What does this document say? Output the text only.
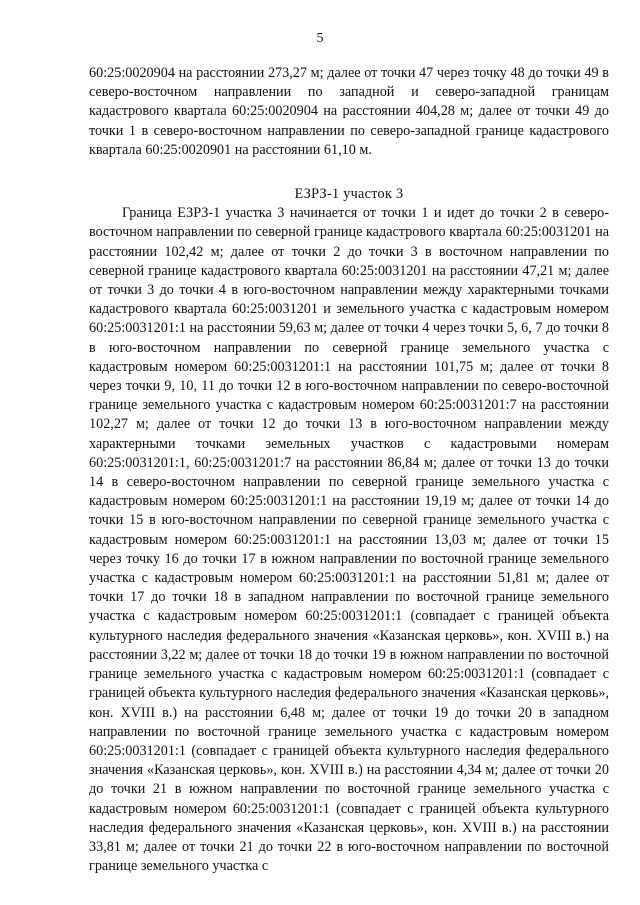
5

60:25:0020904 на расстоянии 273,27 м; далее от точки 47 через точку 48 до точки 49 в северо-восточном направлении по западной и северо-западной границам кадастрового квартала 60:25:0020904 на расстоянии 404,28 м; далее от точки 49 до точки 1 в северо-восточном направлении по северо-западной границе кадастрового квартала 60:25:0020901 на расстоянии 61,10 м.

ЕЗРЗ-1 участок 3

Граница ЕЗРЗ-1 участка 3 начинается от точки 1 и идет до точки 2 в северо-восточном направлении по северной границе кадастрового квартала 60:25:0031201 на расстоянии 102,42 м; далее от точки 2 до точки 3 в восточном направлении по северной границе кадастрового квартала 60:25:0031201 на расстоянии 47,21 м; далее от точки 3 до точки 4 в юго-восточном направлении между характерными точками кадастрового квартала 60:25:0031201 и земельного участка с кадастровым номером 60:25:0031201:1 на расстоянии 59,63 м; далее от точки 4 через точки 5, 6, 7 до точки 8 в юго-восточном направлении по северной границе земельного участка с кадастровым номером 60:25:0031201:1 на расстоянии 101,75 м; далее от точки 8 через точки 9, 10, 11 до точки 12 в юго-восточном направлении по северо-восточной границе земельного участка с кадастровым номером 60:25:0031201:7 на расстоянии 102,27 м; далее от точки 12 до точки 13 в юго-восточном направлении между характерными точками земельных участков с кадастровыми номерам 60:25:0031201:1, 60:25:0031201:7 на расстоянии 86,84 м; далее от точки 13 до точки 14 в северо-восточном направлении по северной границе земельного участка с кадастровым номером 60:25:0031201:1 на расстоянии 19,19 м; далее от точки 14 до точки 15 в юго-восточном направлении по северной границе земельного участка с кадастровым номером 60:25:0031201:1 на расстоянии 13,03 м; далее от точки 15 через точку 16 до точки 17 в южном направлении по восточной границе земельного участка с кадастровым номером 60:25:0031201:1 на расстоянии 51,81 м; далее от точки 17 до точки 18 в западном направлении по восточной границе земельного участка с кадастровым номером 60:25:0031201:1 (совпадает с границей объекта культурного наследия федерального значения «Казанская церковь», кон. XVIII в.) на расстоянии 3,22 м; далее от точки 18 до точки 19 в южном направлении по восточной границе земельного участка с кадастровым номером 60:25:0031201:1 (совпадает с границей объекта культурного наследия федерального значения «Казанская церковь», кон. XVIII в.) на расстоянии 6,48 м; далее от точки 19 до точки 20 в западном направлении по восточной границе земельного участка с кадастровым номером 60:25:0031201:1 (совпадает с границей объекта культурного наследия федерального значения «Казанская церковь», кон. XVIII в.) на расстоянии 4,34 м; далее от точки 20 до точки 21 в южном направлении по восточной границе земельного участка с кадастровым номером 60:25:0031201:1 (совпадает с границей объекта культурного наследия федерального значения «Казанская церковь», кон. XVIII в.) на расстоянии 33,81 м; далее от точки 21 до точки 22 в юго-восточном направлении по восточной границе земельного участка с
